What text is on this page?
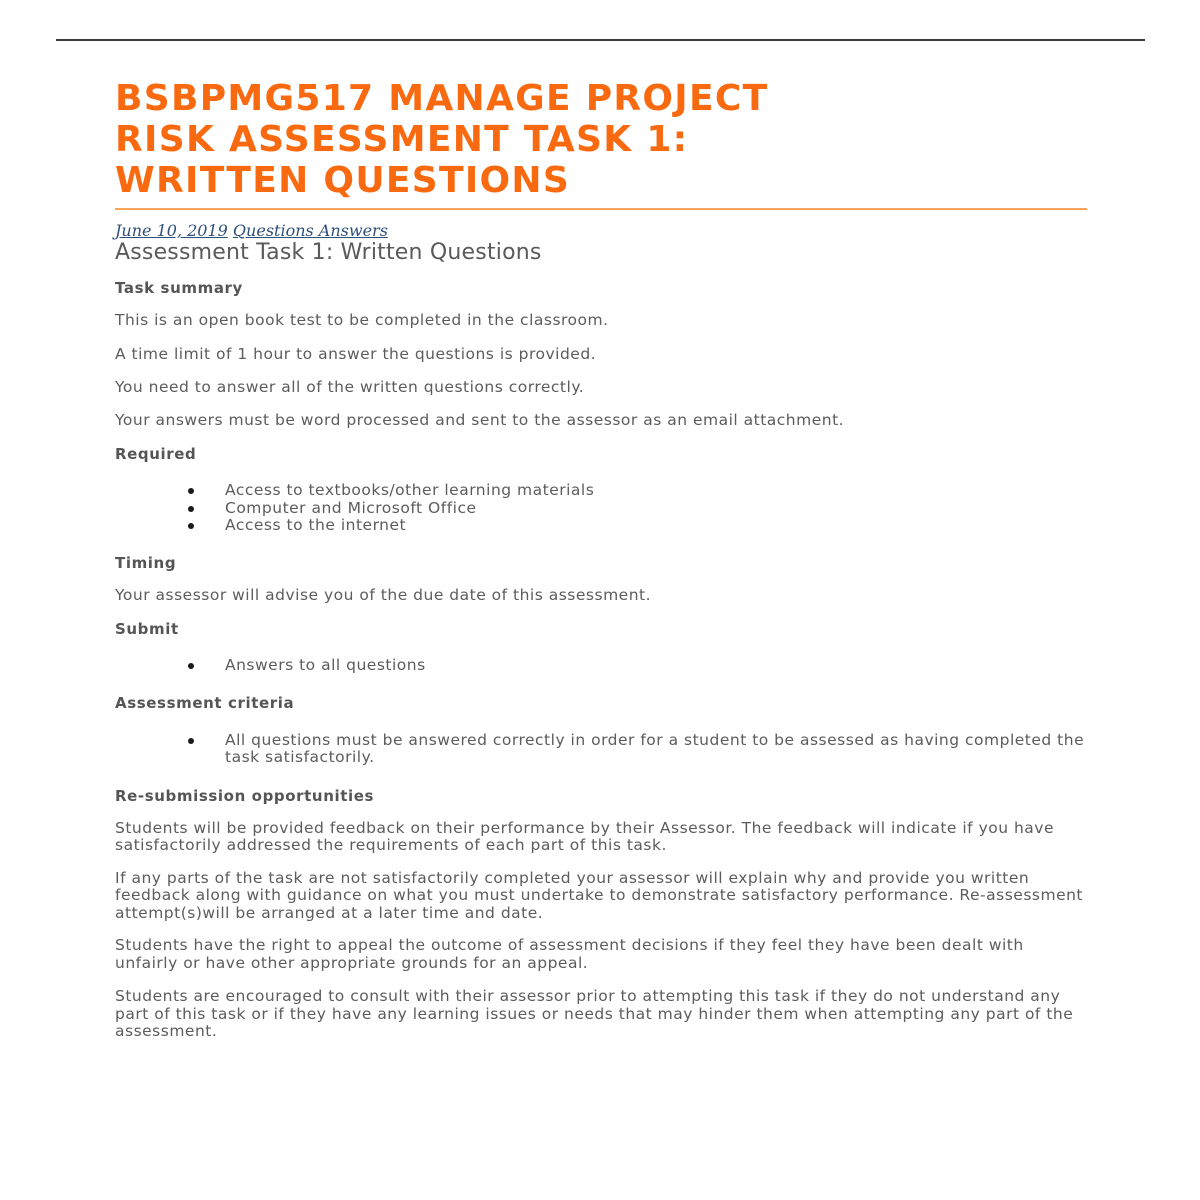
BSBPMG517 MANAGE PROJECT
RISK ASSESSMENT TASK 1:
WRITTEN QUESTIONS
June 10, 2019 Questions Answers
Assessment Task 1: Written Questions

Task summary

This is an open book test to be completed in the classroom.

A time limit of 1 hour to answer the questions is provided.

You need to answer all of the written questions correctly.

Your answers must be word processed and sent to the assessor as an email attachment.

Required

Access to textbooks/other learning materials
Computer and Microsoft Office
Access to the internet

Timing

Your assessor will advise you of the due date of this assessment.

Submit

Answers to all questions

Assessment criteria

All questions must be answered correctly in order for a student to be assessed as having completed the task satisfactorily.

Re-submission opportunities

Students will be provided feedback on their performance by their Assessor. The feedback will indicate if you have satisfactorily addressed the requirements of each part of this task.

If any parts of the task are not satisfactorily completed your assessor will explain why and provide you written feedback along with guidance on what you must undertake to demonstrate satisfactory performance. Re-assessment attempt(s)will be arranged at a later time and date.

Students have the right to appeal the outcome of assessment decisions if they feel they have been dealt with unfairly or have other appropriate grounds for an appeal.

Students are encouraged to consult with their assessor prior to attempting this task if they do not understand any part of this task or if they have any learning issues or needs that may hinder them when attempting any part of the assessment.
